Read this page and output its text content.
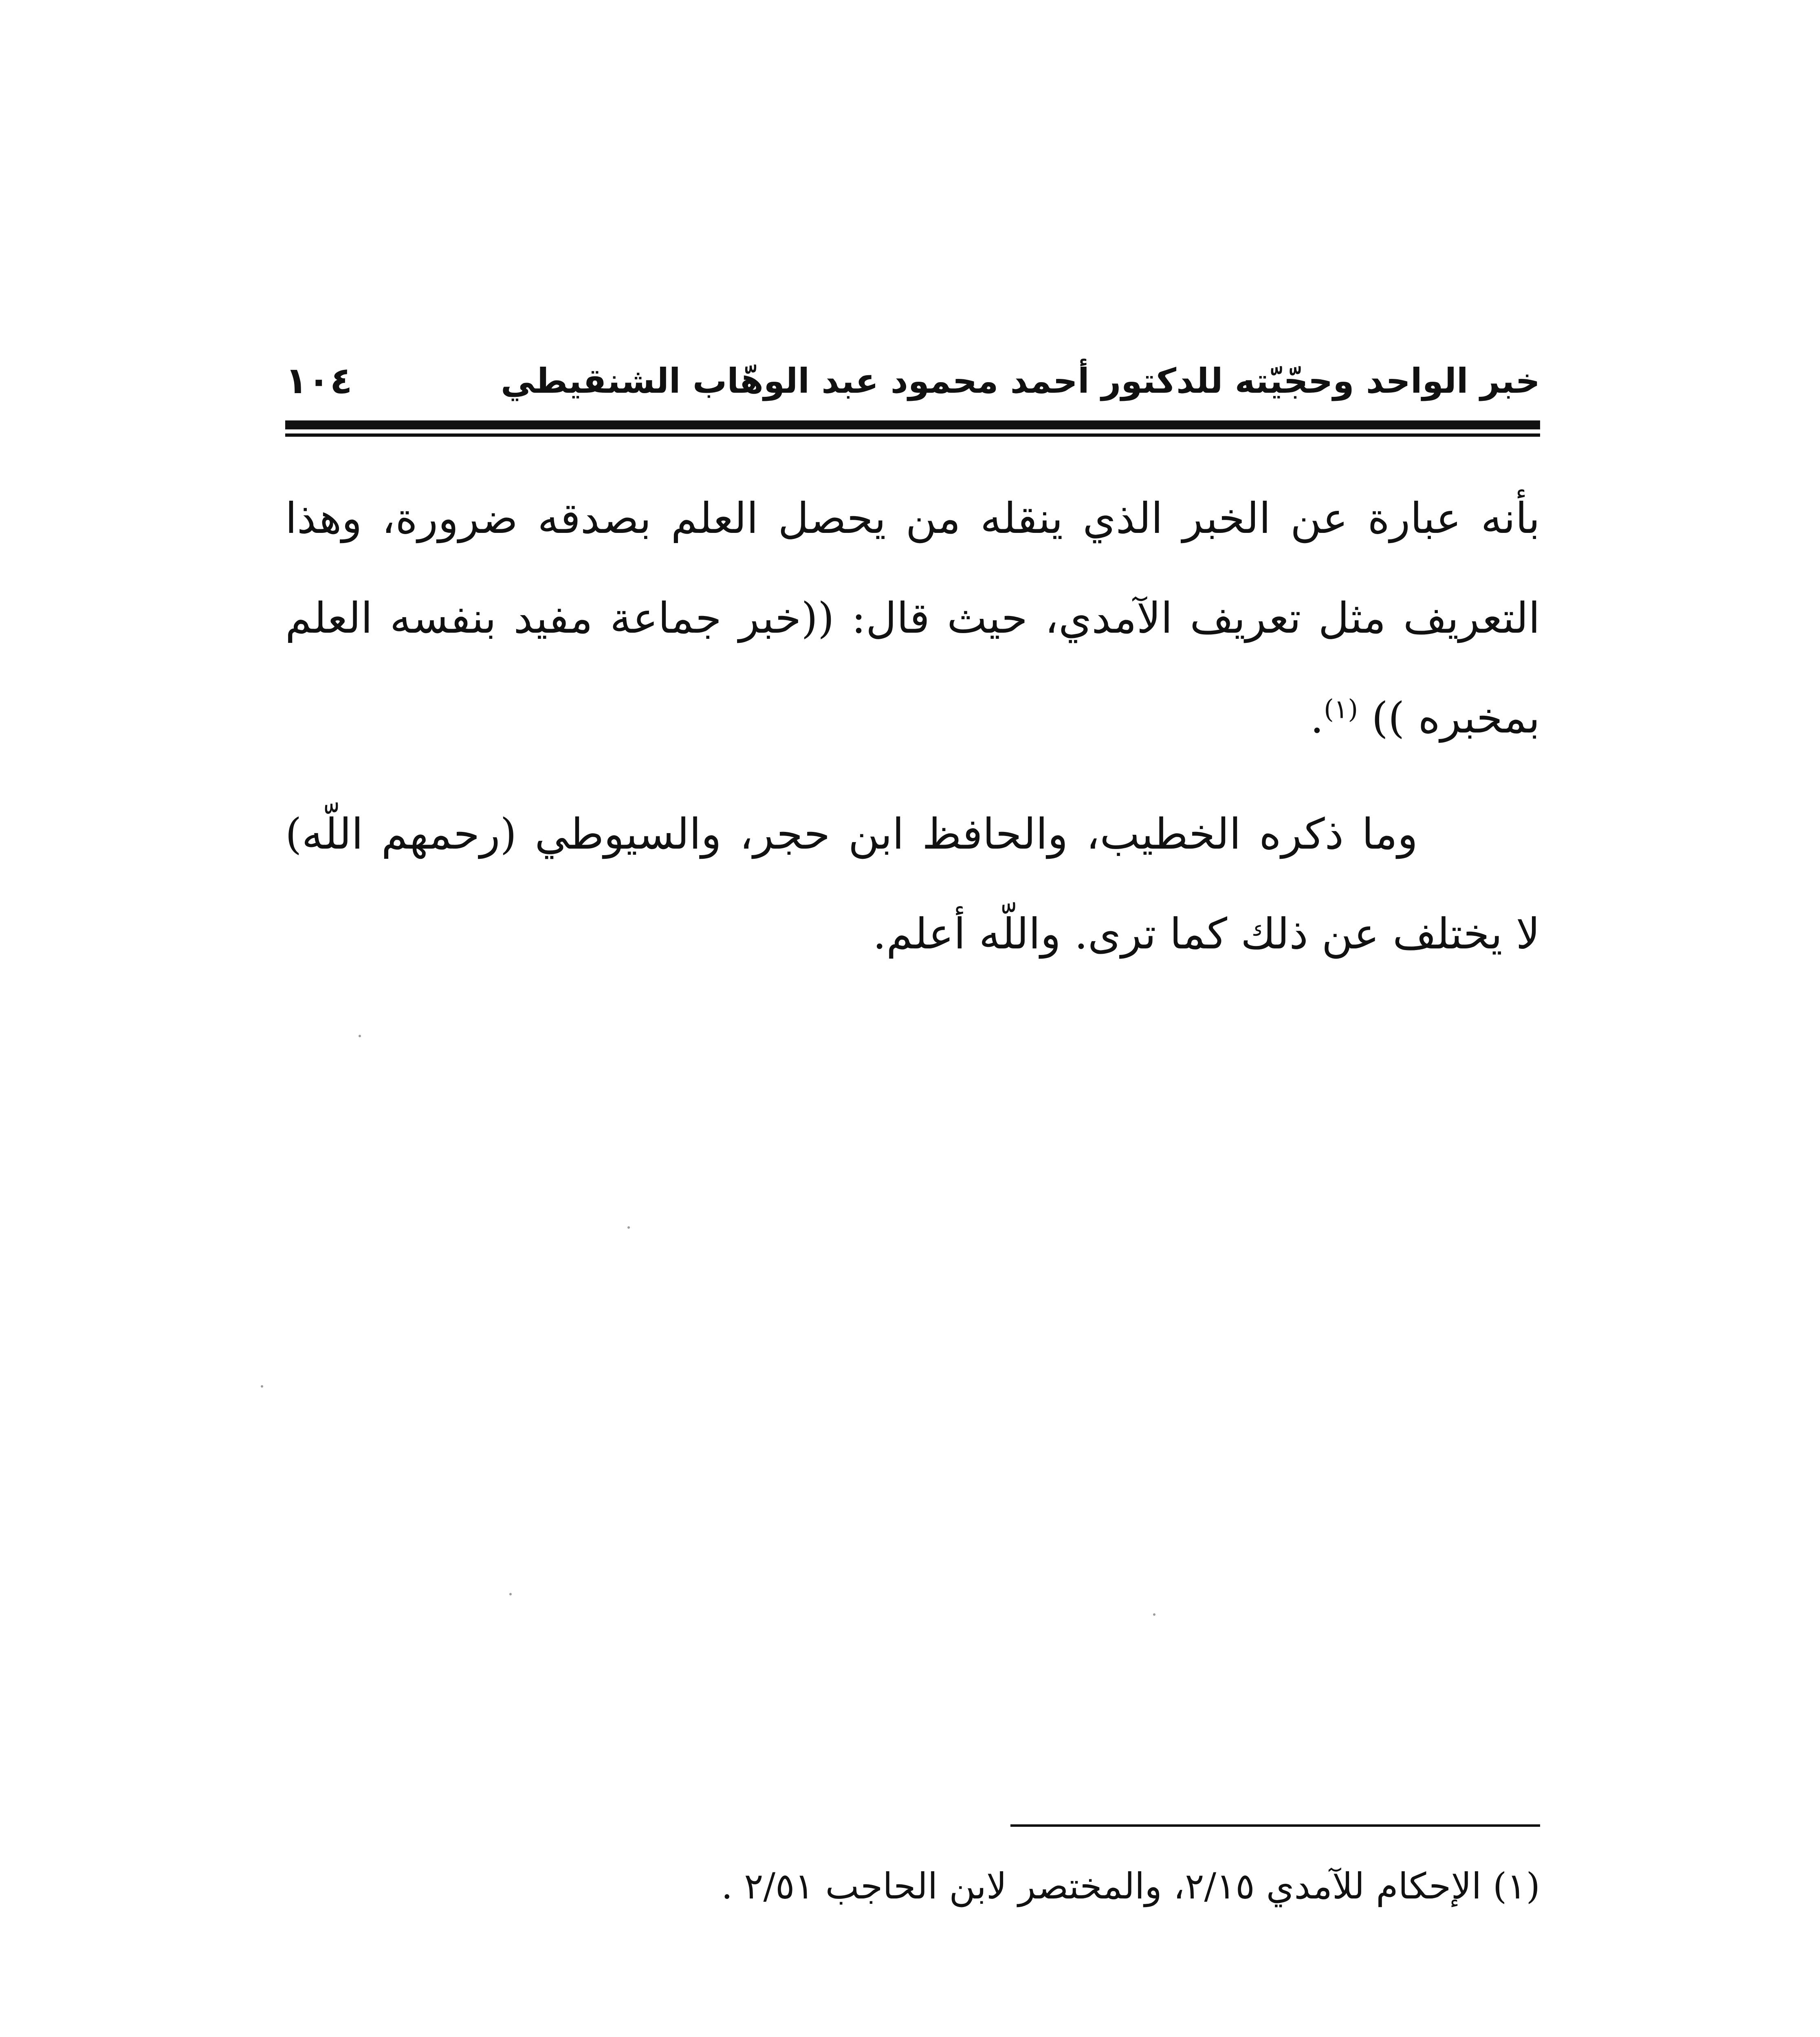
خبر الواحد وحجّيّته للدكتور أحمد محمود عبد الوهّاب الشنقيطي
١٠٤

بأنه عبارة عن الخبر الذي ينقله من يحصل العلم بصدقه ضرورة، وهذا التعريف مثل تعريف الآمدي، حيث قال: ((خبر جماعة مفيد بنفسه العلم بمخبره )) $^{(١)}$.

وما ذكره الخطيب، والحافظ ابن حجر، والسيوطي (رحمهم اللّه) لا يختلف عن ذلك كما ترى. واللّه أعلم.

(١) الإحكام للآمدي ٢/١٥، والمختصر لابن الحاجب ٢/٥١ .
